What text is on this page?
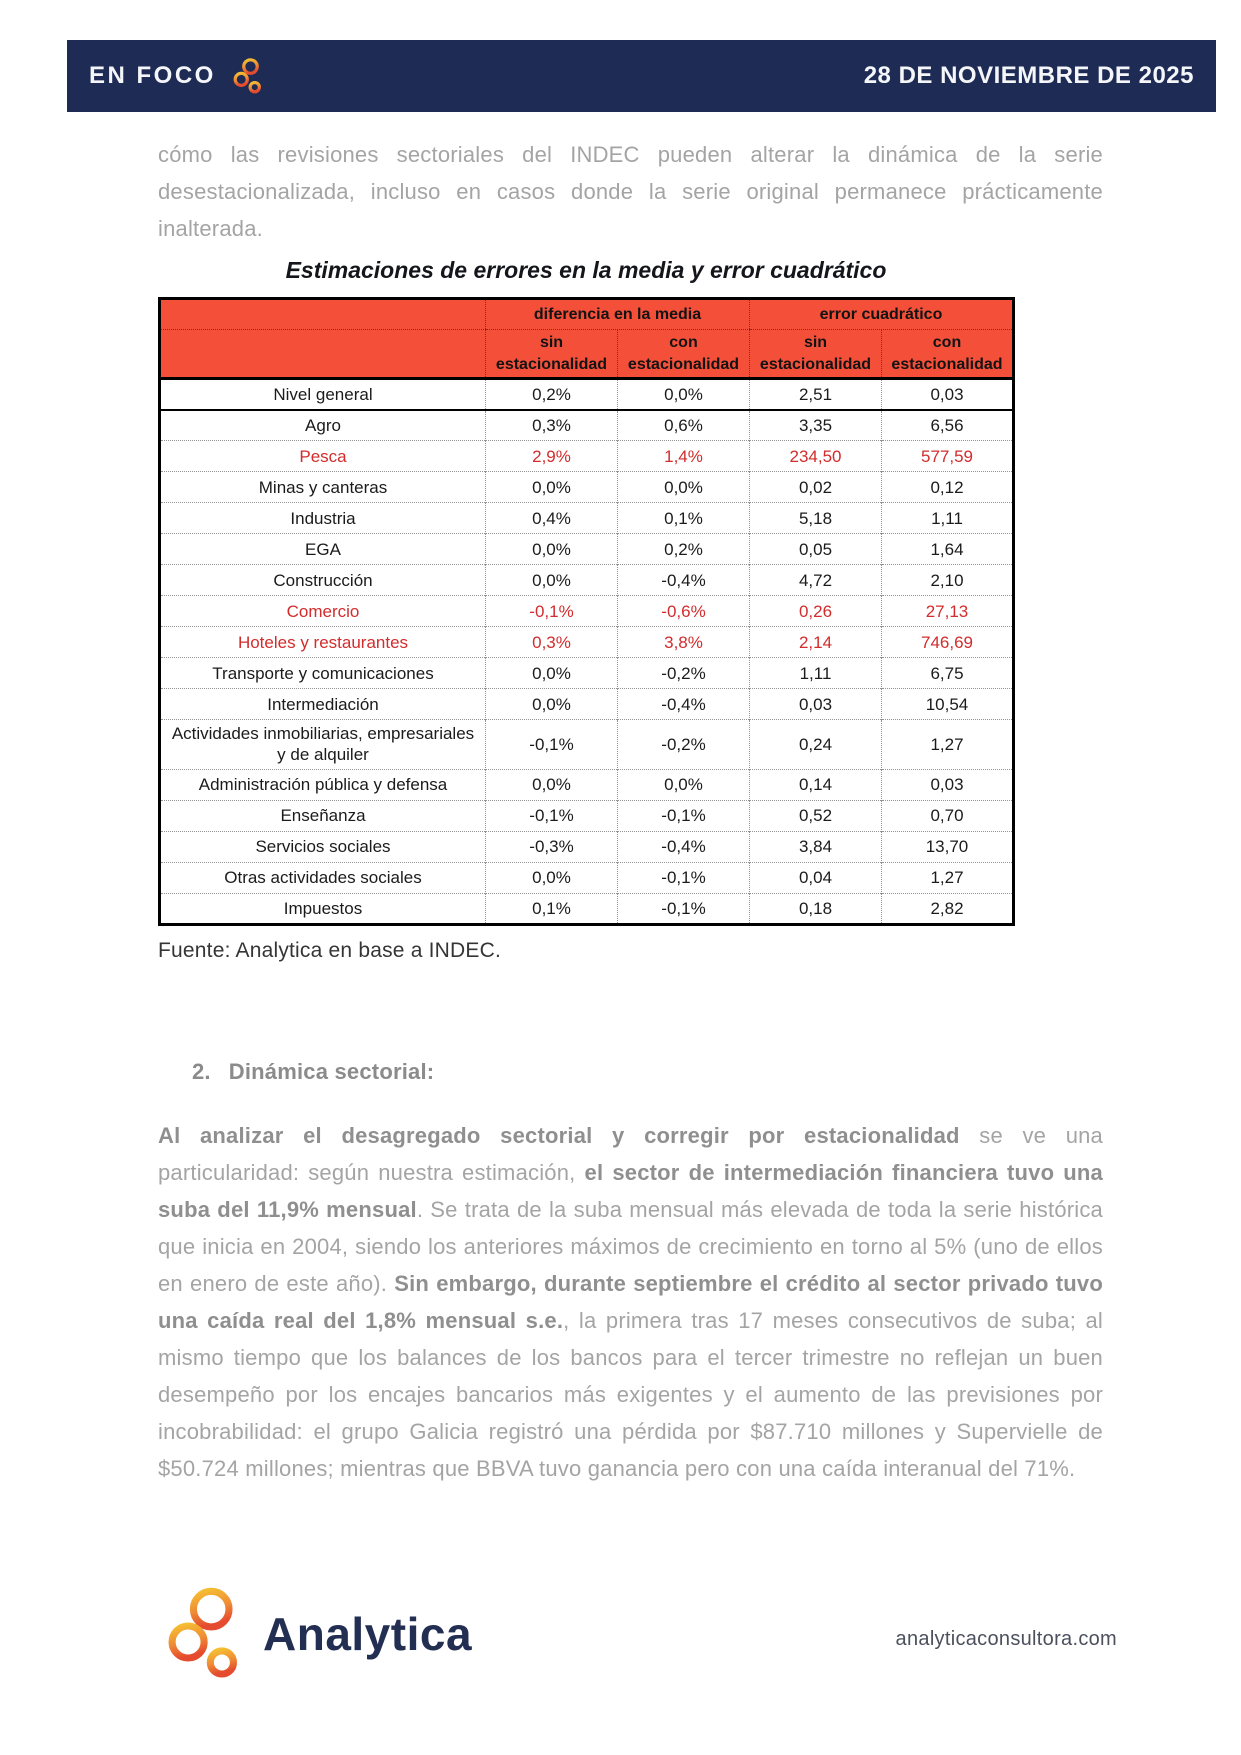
EN FOCO	28 DE NOVIEMBRE DE 2025

cómo las revisiones sectoriales del INDEC pueden alterar la dinámica de la serie desestacionalizada, incluso en casos donde la serie original permanece prácticamente inalterada.

Estimaciones de errores en la media y error cuadrático
	diferencia en la media		error cuadrático	
	sin estacionalidad	con estacionalidad	sin estacionalidad	con estacionalidad
Nivel general	0,2%	0,0%	2,51	0,03
Agro	0,3%	0,6%	3,35	6,56
Pesca	2,9%	1,4%	234,50	577,59
Minas y canteras	0,0%	0,0%	0,02	0,12
Industria	0,4%	0,1%	5,18	1,11
EGA	0,0%	0,2%	0,05	1,64
Construcción	0,0%	-0,4%	4,72	2,10
Comercio	-0,1%	-0,6%	0,26	27,13
Hoteles y restaurantes	0,3%	3,8%	2,14	746,69
Transporte y comunicaciones	0,0%	-0,2%	1,11	6,75
Intermediación	0,0%	-0,4%	0,03	10,54
Actividades inmobiliarias, empresariales y de alquiler	-0,1%	-0,2%	0,24	1,27
Administración pública y defensa	0,0%	0,0%	0,14	0,03
Enseñanza	-0,1%	-0,1%	0,52	0,70
Servicios sociales	-0,3%	-0,4%	3,84	13,70
Otras actividades sociales	0,0%	-0,1%	0,04	1,27
Impuestos	0,1%	-0,1%	0,18	2,82
Fuente: Analytica en base a INDEC.
2. Dinámica sectorial:

Al analizar el desagregado sectorial y corregir por estacionalidad se ve una particularidad: según nuestra estimación, el sector de intermediación financiera tuvo una suba del 11,9% mensual. Se trata de la suba mensual más elevada de toda la serie histórica que inicia en 2004, siendo los anteriores máximos de crecimiento en torno al 5% (uno de ellos en enero de este año). Sin embargo, durante septiembre el crédito al sector privado tuvo una caída real del 1,8% mensual s.e., la primera tras 17 meses consecutivos de suba; al mismo tiempo que los balances de los bancos para el tercer trimestre no reflejan un buen desempeño por los encajes bancarios más exigentes y el aumento de las previsiones por incobrabilidad: el grupo Galicia registró una pérdida por $87.710 millones y Supervielle de $50.724 millones; mientras que BBVA tuvo ganancia pero con una caída interanual del 71%.

Analytica	analyticaconsultora.com
